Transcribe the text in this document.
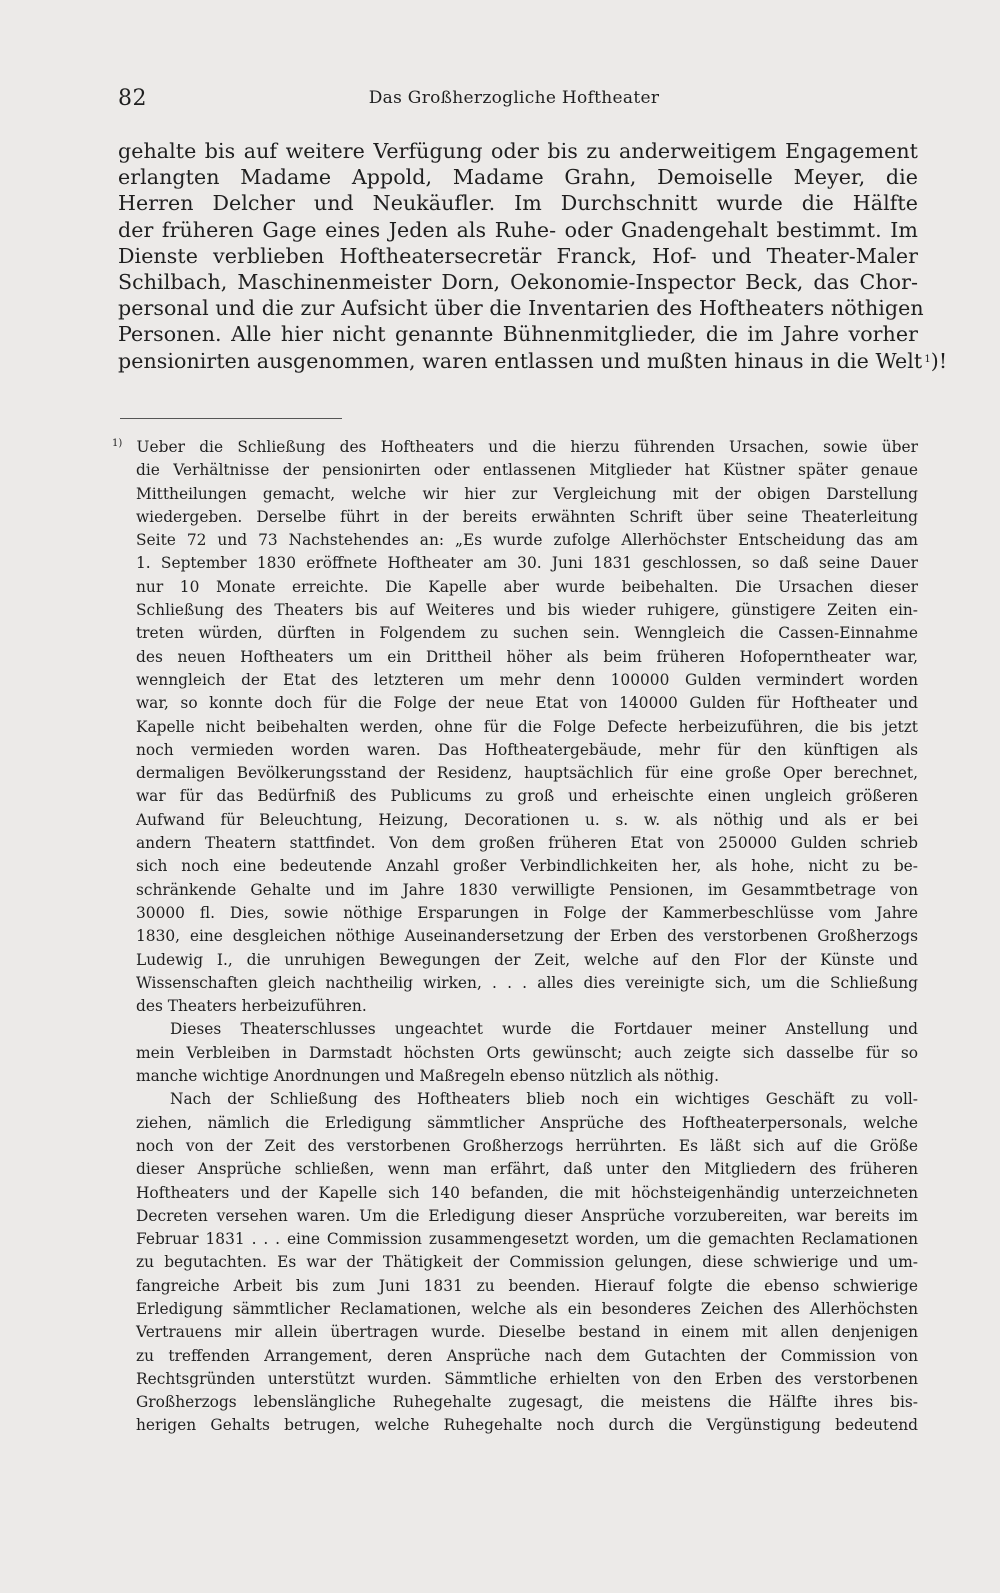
82	Das Großherzogliche Hoftheater
gehalte bis auf weitere Verfügung oder bis zu anderweitigem Engagement
erlangten Madame Appold, Madame Grahn, Demoiselle Meyer, die
Herren Delcher und Neukäufler. Im Durchschnitt wurde die Hälfte
der früheren Gage eines Jeden als Ruhe- oder Gnadengehalt bestimmt. Im
Dienste verblieben Hoftheatersecretär Franck, Hof- und Theater-Maler
Schilbach, Maschinenmeister Dorn, Oekonomie-Inspector Beck, das Chor-
personal und die zur Aufsicht über die Inventarien des Hoftheaters nöthigen
Personen. Alle hier nicht genannte Bühnenmitglieder, die im Jahre vorher
pensionirten ausgenommen, waren entlassen und mußten hinaus in die Welt  $^1$)!
$^{1)}$ Ueber die Schließung des Hoftheaters und die hierzu führenden Ursachen, sowie über
die Verhältnisse der pensionirten oder entlassenen Mitglieder hat Küstner später genaue
Mittheilungen gemacht, welche wir hier zur Vergleichung mit der obigen Darstellung
wiedergeben. Derselbe führt in der bereits erwähnten Schrift über seine Theaterleitung
Seite 72 und 73 Nachstehendes an: „Es wurde zufolge Allerhöchster Entscheidung das am
1. September 1830 eröffnete Hoftheater am 30. Juni 1831 geschlossen, so daß seine Dauer
nur 10 Monate erreichte. Die Kapelle aber wurde beibehalten. Die Ursachen dieser
Schließung des Theaters bis auf Weiteres und bis wieder ruhigere, günstigere Zeiten ein-
treten würden, dürften in Folgendem zu suchen sein. Wenngleich die Cassen-Einnahme
des neuen Hoftheaters um ein Drittheil höher als beim früheren Hofoperntheater war,
wenngleich der Etat des letzteren um mehr denn 100000 Gulden vermindert worden
war, so konnte doch für die Folge der neue Etat von 140000 Gulden für Hoftheater und
Kapelle nicht beibehalten werden, ohne für die Folge Defecte herbeizuführen, die bis jetzt
noch vermieden worden waren. Das Hoftheatergebäude, mehr für den künftigen als
dermaligen Bevölkerungsstand der Residenz, hauptsächlich für eine große Oper berechnet,
war für das Bedürfniß des Publicums zu groß und erheischte einen ungleich größeren
Aufwand für Beleuchtung, Heizung, Decorationen u. s. w. als nöthig und als er bei
andern Theatern stattfindet. Von dem großen früheren Etat von 250000 Gulden schrieb
sich noch eine bedeutende Anzahl großer Verbindlichkeiten her, als hohe, nicht zu be-
schränkende Gehalte und im Jahre 1830 verwilligte Pensionen, im Gesammtbetrage von
30000 fl. Dies, sowie nöthige Ersparungen in Folge der Kammerbeschlüsse vom Jahre
1830, eine desgleichen nöthige Auseinandersetzung der Erben des verstorbenen Großherzogs
Ludewig I., die unruhigen Bewegungen der Zeit, welche auf den Flor der Künste und
Wissenschaften gleich nachtheilig wirken, . . . alles dies vereinigte sich, um die Schließung
des Theaters herbeizuführen.
Dieses Theaterschlusses ungeachtet wurde die Fortdauer meiner Anstellung und
mein Verbleiben in Darmstadt höchsten Orts gewünscht; auch zeigte sich dasselbe für so
manche wichtige Anordnungen und Maßregeln ebenso nützlich als nöthig.
Nach der Schließung des Hoftheaters blieb noch ein wichtiges Geschäft zu voll-
ziehen, nämlich die Erledigung sämmtlicher Ansprüche des Hoftheaterpersonals, welche
noch von der Zeit des verstorbenen Großherzogs herrührten. Es läßt sich auf die Größe
dieser Ansprüche schließen, wenn man erfährt, daß unter den Mitgliedern des früheren
Hoftheaters und der Kapelle sich 140 befanden, die mit höchsteigenhändig unterzeichneten
Decreten versehen waren. Um die Erledigung dieser Ansprüche vorzubereiten, war bereits im
Februar 1831 . . . eine Commission zusammengesetzt worden, um die gemachten Reclamationen
zu begutachten. Es war der Thätigkeit der Commission gelungen, diese schwierige und um-
fangreiche Arbeit bis zum Juni 1831 zu beenden. Hierauf folgte die ebenso schwierige
Erledigung sämmtlicher Reclamationen, welche als ein besonderes Zeichen des Allerhöchsten
Vertrauens mir allein übertragen wurde. Dieselbe bestand in einem mit allen denjenigen
zu treffenden Arrangement, deren Ansprüche nach dem Gutachten der Commission von
Rechtsgründen unterstützt wurden. Sämmtliche erhielten von den Erben des verstorbenen
Großherzogs lebenslängliche Ruhegehalte zugesagt, die meistens die Hälfte ihres bis-
herigen Gehalts betrugen, welche Ruhegehalte noch durch die Vergünstigung bedeutend
